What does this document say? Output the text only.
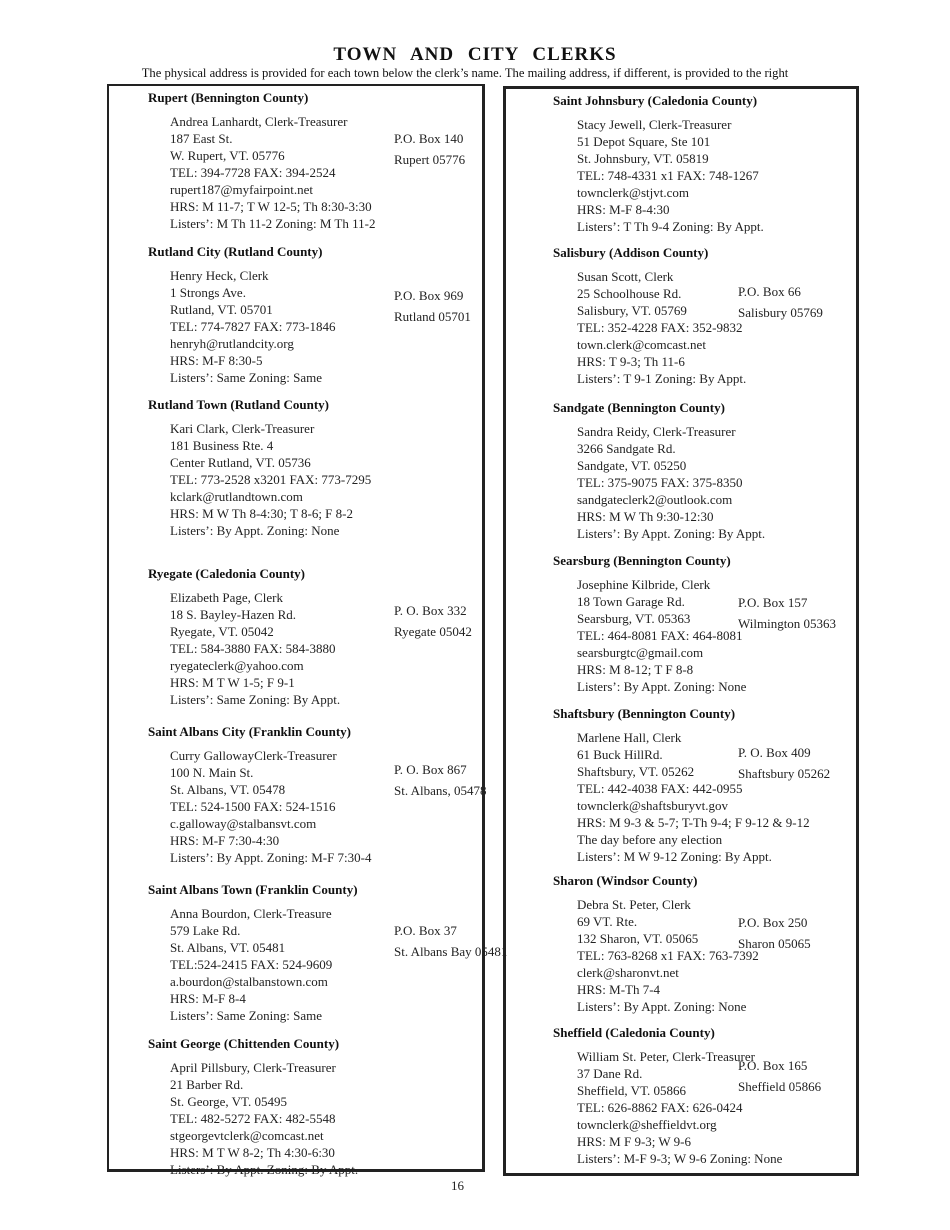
TOWN AND CITY CLERKS
The physical address is provided for each town below the clerk’s name. The mailing address, if different, is provided to the right
Rupert (Bennington County)
Andrea Lanhardt, Clerk-Treasurer
187 East St.
W. Rupert, VT. 05776
TEL: 394-7728 FAX: 394-2524
rupert187@myfairpoint.net
HRS: M 11-7; T W 12-5; Th 8:30-3:30
Listers’: M Th 11-2 Zoning: M Th 11-2
P.O. Box 140
Rupert 05776
Rutland City (Rutland County)
Henry Heck, Clerk
1 Strongs Ave.
Rutland, VT. 05701
TEL: 774-7827 FAX: 773-1846
henryh@rutlandcity.org
HRS: M-F 8:30-5
Listers’: Same Zoning: Same
P.O. Box 969
Rutland 05701
Rutland Town (Rutland County)
Kari Clark, Clerk-Treasurer
181 Business Rte. 4
Center Rutland, VT. 05736
TEL: 773-2528 x3201 FAX: 773-7295
kclark@rutlandtown.com
HRS: M W Th 8-4:30; T 8-6; F 8-2
Listers’: By Appt. Zoning: None
Ryegate (Caledonia County)
Elizabeth Page, Clerk
18 S. Bayley-Hazen Rd.
Ryegate, VT. 05042
TEL: 584-3880 FAX: 584-3880
ryegateclerk@yahoo.com
HRS: M T W 1-5; F 9-1
Listers’: Same Zoning: By Appt.
P. O. Box 332
Ryegate 05042
Saint Albans City (Franklin County)
Curry GallowayClerk-Treasurer
100 N. Main St.
St. Albans, VT. 05478
TEL: 524-1500 FAX: 524-1516
c.galloway@stalbansvt.com
HRS: M-F 7:30-4:30
Listers’: By Appt. Zoning: M-F 7:30-4
P. O. Box 867
St. Albans, 05478
Saint Albans Town (Franklin County)
Anna Bourdon, Clerk-Treasure
579 Lake Rd.
St. Albans, VT. 05481
TEL:524-2415 FAX: 524-9609
a.bourdon@stalbanstown.com
HRS: M-F 8-4
Listers’: Same Zoning: Same
P.O. Box 37
St. Albans Bay 05481
Saint George (Chittenden County)
April Pillsbury, Clerk-Treasurer
21 Barber Rd.
St. George, VT. 05495
TEL: 482-5272 FAX: 482-5548
stgeorgevtclerk@comcast.net
HRS: M T W 8-2; Th 4:30-6:30
Listers’: By Appt. Zoning: By Appt.
Saint Johnsbury (Caledonia County)
Stacy Jewell, Clerk-Treasurer
51 Depot Square, Ste 101
St. Johnsbury, VT. 05819
TEL: 748-4331 x1 FAX: 748-1267
townclerk@stjvt.com
HRS: M-F 8-4:30
Listers’: T Th 9-4 Zoning: By Appt.
Salisbury (Addison County)
Susan Scott, Clerk
25 Schoolhouse Rd.
Salisbury, VT. 05769
TEL: 352-4228 FAX: 352-9832
town.clerk@comcast.net
HRS: T 9-3; Th 11-6
Listers’: T 9-1 Zoning: By Appt.
P.O. Box 66
Salisbury 05769
Sandgate (Bennington County)
Sandra Reidy, Clerk-Treasurer
3266 Sandgate Rd.
Sandgate, VT. 05250
TEL: 375-9075 FAX: 375-8350
sandgateclerk2@outlook.com
HRS: M W Th 9:30-12:30
Listers’: By Appt. Zoning: By Appt.
Searsburg (Bennington County)
Josephine Kilbride, Clerk
18 Town Garage Rd.
Searsburg, VT. 05363
TEL: 464-8081 FAX: 464-8081
searsburgtc@gmail.com
HRS: M 8-12; T F 8-8
Listers’: By Appt. Zoning: None
P.O. Box 157
Wilmington 05363
Shaftsbury (Bennington County)
Marlene Hall, Clerk
61 Buck HillRd.
Shaftsbury, VT. 05262
TEL: 442-4038 FAX: 442-0955
townclerk@shaftsburyvt.gov
HRS: M 9-3 & 5-7; T-Th 9-4; F 9-12 & 9-12
The day before any election
Listers’: M W 9-12 Zoning: By Appt.
P. O. Box 409
Shaftsbury 05262
Sharon (Windsor County)
Debra St. Peter, Clerk
69 VT. Rte.
132 Sharon, VT. 05065
TEL: 763-8268 x1 FAX: 763-7392
clerk@sharonvt.net
HRS: M-Th 7-4
Listers’: By Appt. Zoning: None
P.O. Box 250
Sharon 05065
Sheffield (Caledonia County)
William St. Peter, Clerk-Treasurer
37 Dane Rd.
Sheffield, VT. 05866
TEL: 626-8862 FAX: 626-0424
townclerk@sheffieldvt.org
HRS: M F 9-3; W 9-6
Listers’: M-F 9-3; W 9-6 Zoning: None
P.O. Box 165
Sheffield 05866
16
